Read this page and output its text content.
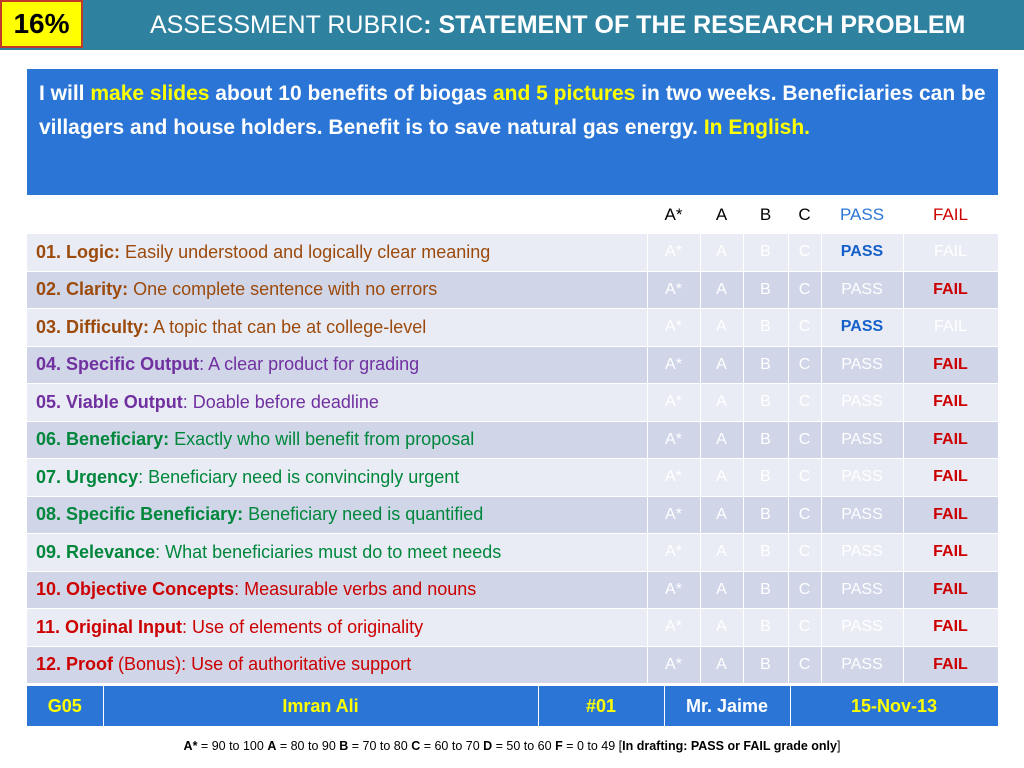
16%	ASSESSMENT RUBRIC: STATEMENT OF THE RESEARCH PROBLEM
I will make slides about 10 benefits of biogas and 5 pictures in two weeks. Beneficiaries can be villagers and house holders. Benefit is to save natural gas energy. In English.
	A*	A	B	C	PASS	FAIL
01. Logic: Easily understood and logically clear meaning	A*	A	B	C	PASS	FAIL
02. Clarity: One complete sentence with no errors	A*	A	B	C	PASS	FAIL
03. Difficulty: A topic that can be at college-level	A*	A	B	C	PASS	FAIL
04. Specific Output: A clear product for grading	A*	A	B	C	PASS	FAIL
05. Viable Output: Doable before deadline	A*	A	B	C	PASS	FAIL
06. Beneficiary: Exactly who will benefit from proposal	A*	A	B	C	PASS	FAIL
07. Urgency: Beneficiary need is convincingly urgent	A*	A	B	C	PASS	FAIL
08. Specific Beneficiary: Beneficiary need is quantified	A*	A	B	C	PASS	FAIL
09. Relevance: What beneficiaries must do to meet needs	A*	A	B	C	PASS	FAIL
10. Objective Concepts: Measurable verbs and nouns	A*	A	B	C	PASS	FAIL
11. Original Input: Use of elements of originality	A*	A	B	C	PASS	FAIL
12. Proof (Bonus): Use of authoritative support	A*	A	B	C	PASS	FAIL
G05	Imran Ali	#01	Mr. Jaime	15-Nov-13
A* = 90 to 100 A = 80 to 90 B = 70 to 80 C = 60 to 70 D = 50 to 60 F = 0 to 49 [In drafting: PASS or FAIL grade only]
